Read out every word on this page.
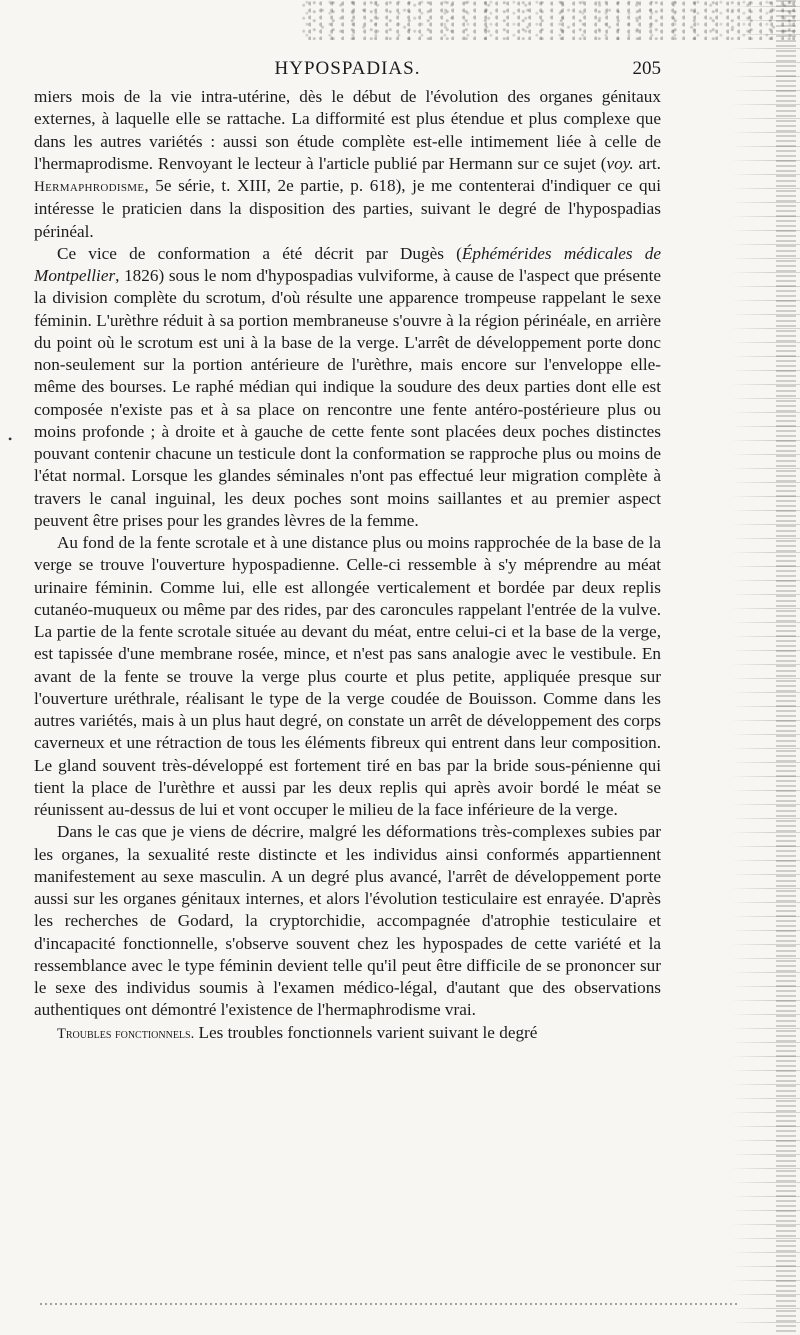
HYPOSPADIAS.	205
•

miers mois de la vie intra-utérine, dès le début de l'évolution des organes génitaux externes, à laquelle elle se rattache. La difformité est plus étendue et plus complexe que dans les autres variétés : aussi son étude complète est-elle intimement liée à celle de l'hermaprodisme. Renvoyant le lecteur à l'article publié par Hermann sur ce sujet (voy. art. Hermaphrodisme, 5e série, t. XIII, 2e partie, p. 618), je me contenterai d'indiquer ce qui intéresse le praticien dans la disposition des parties, suivant le degré de l'hypospadias périnéal.

Ce vice de conformation a été décrit par Dugès (Éphémérides médicales de Montpellier, 1826) sous le nom d'hypospadias vulviforme, à cause de l'aspect que présente la division complète du scrotum, d'où résulte une apparence trompeuse rappelant le sexe féminin. L'urèthre réduit à sa portion membraneuse s'ouvre à la région périnéale, en arrière du point où le scrotum est uni à la base de la verge. L'arrêt de développement porte donc non-seulement sur la portion antérieure de l'urèthre, mais encore sur l'enveloppe elle-même des bourses. Le raphé médian qui indique la soudure des deux parties dont elle est composée n'existe pas et à sa place on rencontre une fente antéro-postérieure plus ou moins profonde ; à droite et à gauche de cette fente sont placées deux poches distinctes pouvant contenir chacune un testicule dont la conformation se rapproche plus ou moins de l'état normal. Lorsque les glandes séminales n'ont pas effectué leur migration complète à travers le canal inguinal, les deux poches sont moins saillantes et au premier aspect peuvent être prises pour les grandes lèvres de la femme.

Au fond de la fente scrotale et à une distance plus ou moins rapprochée de la base de la verge se trouve l'ouverture hypospadienne. Celle-ci ressemble à s'y méprendre au méat urinaire féminin. Comme lui, elle est allongée verticalement et bordée par deux replis cutanéo-muqueux ou même par des rides, par des caroncules rappelant l'entrée de la vulve. La partie de la fente scrotale située au devant du méat, entre celui-ci et la base de la verge, est tapissée d'une membrane rosée, mince, et n'est pas sans analogie avec le vestibule. En avant de la fente se trouve la verge plus courte et plus petite, appliquée presque sur l'ouverture uréthrale, réalisant le type de la verge coudée de Bouisson. Comme dans les autres variétés, mais à un plus haut degré, on constate un arrêt de développement des corps caverneux et une rétraction de tous les éléments fibreux qui entrent dans leur composition. Le gland souvent très-développé est fortement tiré en bas par la bride sous-pénienne qui tient la place de l'urèthre et aussi par les deux replis qui après avoir bordé le méat se réunissent au-dessus de lui et vont occuper le milieu de la face inférieure de la verge.

Dans le cas que je viens de décrire, malgré les déformations très-complexes subies par les organes, la sexualité reste distincte et les individus ainsi conformés appartiennent manifestement au sexe masculin. A un degré plus avancé, l'arrêt de développement porte aussi sur les organes génitaux internes, et alors l'évolution testiculaire est enrayée. D'après les recherches de Godard, la cryptorchidie, accompagnée d'atrophie testiculaire et d'incapacité fonctionnelle, s'observe souvent chez les hypospades de cette variété et la ressemblance avec le type féminin devient telle qu'il peut être difficile de se prononcer sur le sexe des individus soumis à l'examen médico-légal, d'autant que des observations authentiques ont démontré l'existence de l'hermaphrodisme vrai.

Troubles fonctionnels. Les troubles fonctionnels varient suivant le degré
